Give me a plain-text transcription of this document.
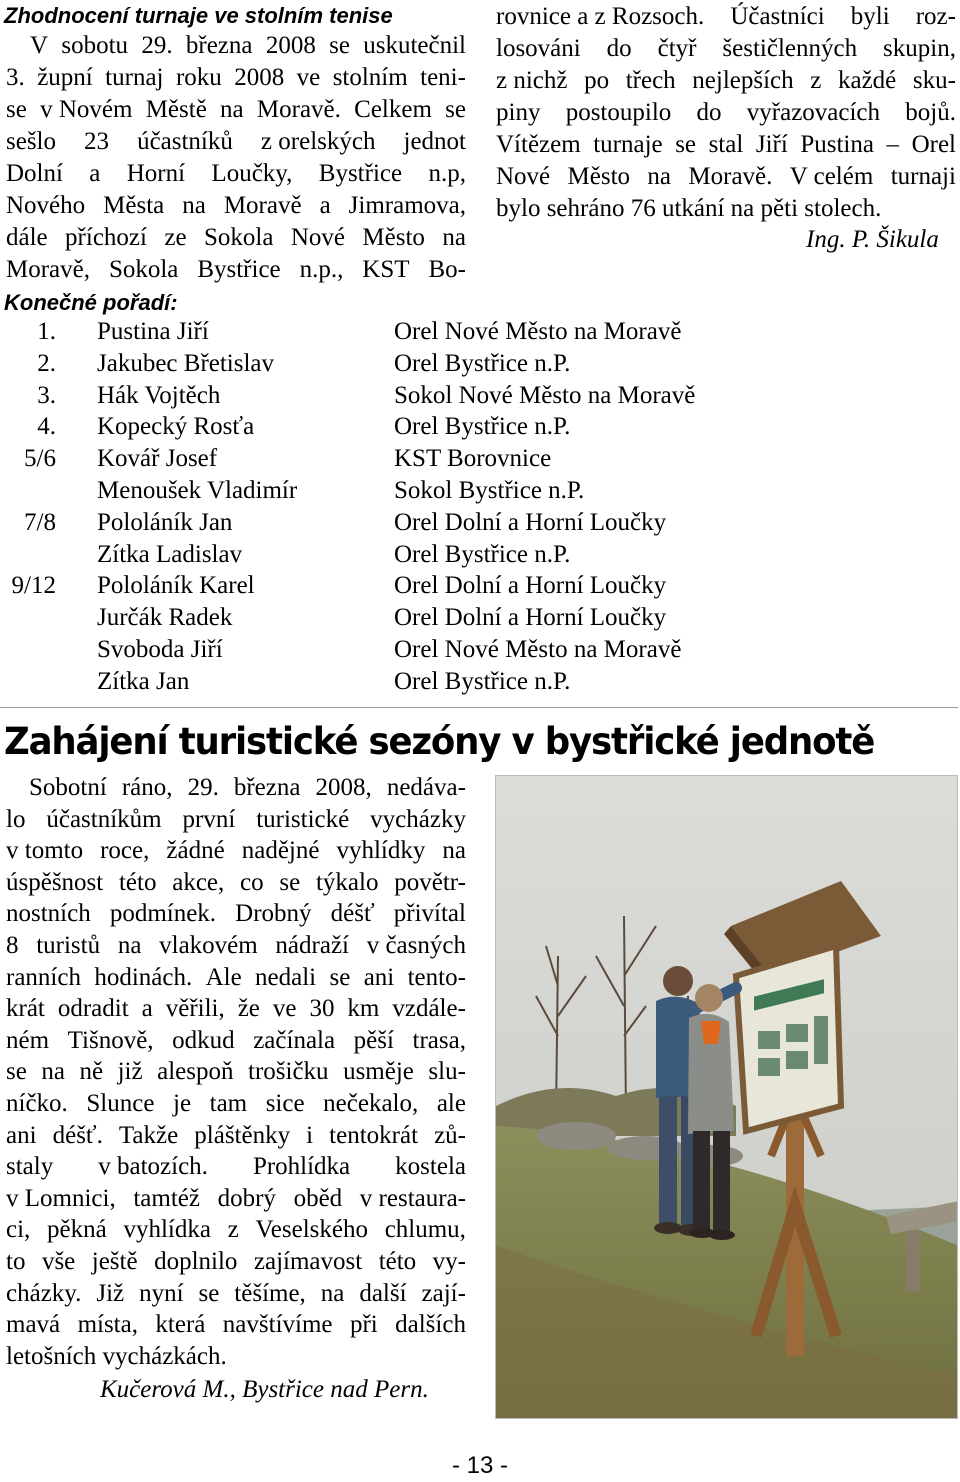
Zhodnocení turnaje ve stolním tenise
V sobotu 29. března 2008 se uskutečnil
3. župní turnaj roku 2008 ve stolním teni-
se v Novém Městě na Moravě. Celkem se
sešlo 23 účastníků z orelských jednot
Dolní a Horní Loučky, Bystřice n.p,
Nového Města na Moravě a Jimramova,
dále příchozí ze Sokola Nové Město na
Moravě, Sokola Bystřice n.p., KST Bo-
rovnice a z Rozsoch. Účastníci byli roz-
losováni do čtyř šestičlenných skupin,
z nichž po třech nejlepších z každé sku-
piny postoupilo do vyřazovacích bojů.
Vítězem turnaje se stal Jiří Pustina – Orel
Nové Město na Moravě. V celém turnaji
bylo sehráno 76 utkání na pěti stolech.
Ing. P. Šikula
Konečné pořadí:
1. Pustina Jiří	Orel Nové Město na Moravě
2. Jakubec Břetislav	Orel Bystřice n.P.
3. Hák Vojtěch	Sokol Nové Město na Moravě
4. Kopecký Rosťa	Orel Bystřice n.P.
5/6 Kovář Josef	KST Borovnice
Menoušek Vladimír	Sokol Bystřice n.P.
7/8 Pololáník Jan	Orel Dolní a Horní Loučky
Zítka Ladislav	Orel Bystřice n.P.
9/12 Pololáník Karel	Orel Dolní a Horní Loučky
Jurčák Radek	Orel Dolní a Horní Loučky
Svoboda Jiří	Orel Nové Město na Moravě
Zítka Jan	Orel Bystřice n.P.
Zahájení turistické sezóny v bystřické jednotě
Sobotní ráno, 29. března 2008, nedáva-
lo účastníkům první turistické vycházky
v tomto roce, žádné nadějné vyhlídky na
úspěšnost této akce, co se týkalo povětr-
nostních podmínek. Drobný déšť přivítal
8 turistů na vlakovém nádraží v časných
ranních hodinách. Ale nedali se ani tento-
krát odradit a věřili, že ve 30 km vzdále-
ném Tišnově, odkud začínala pěší trasa,
se na ně již alespoň trošičku usměje slu-
níčko. Slunce je tam sice nečekalo, ale
ani déšť. Takže pláštěnky i tentokrát zů-
staly v batozích. Prohlídka kostela
v Lomnici, tamtéž dobrý oběd v restaura-
ci, pěkná vyhlídka z Veselského chlumu,
to vše ještě doplnilo zajímavost této vy-
cházky. Již nyní se těšíme, na další zají-
mavá místa, která navštívíme při dalších
letošních vycházkách.
Kučerová M., Bystřice nad Pern.
- 13 -
